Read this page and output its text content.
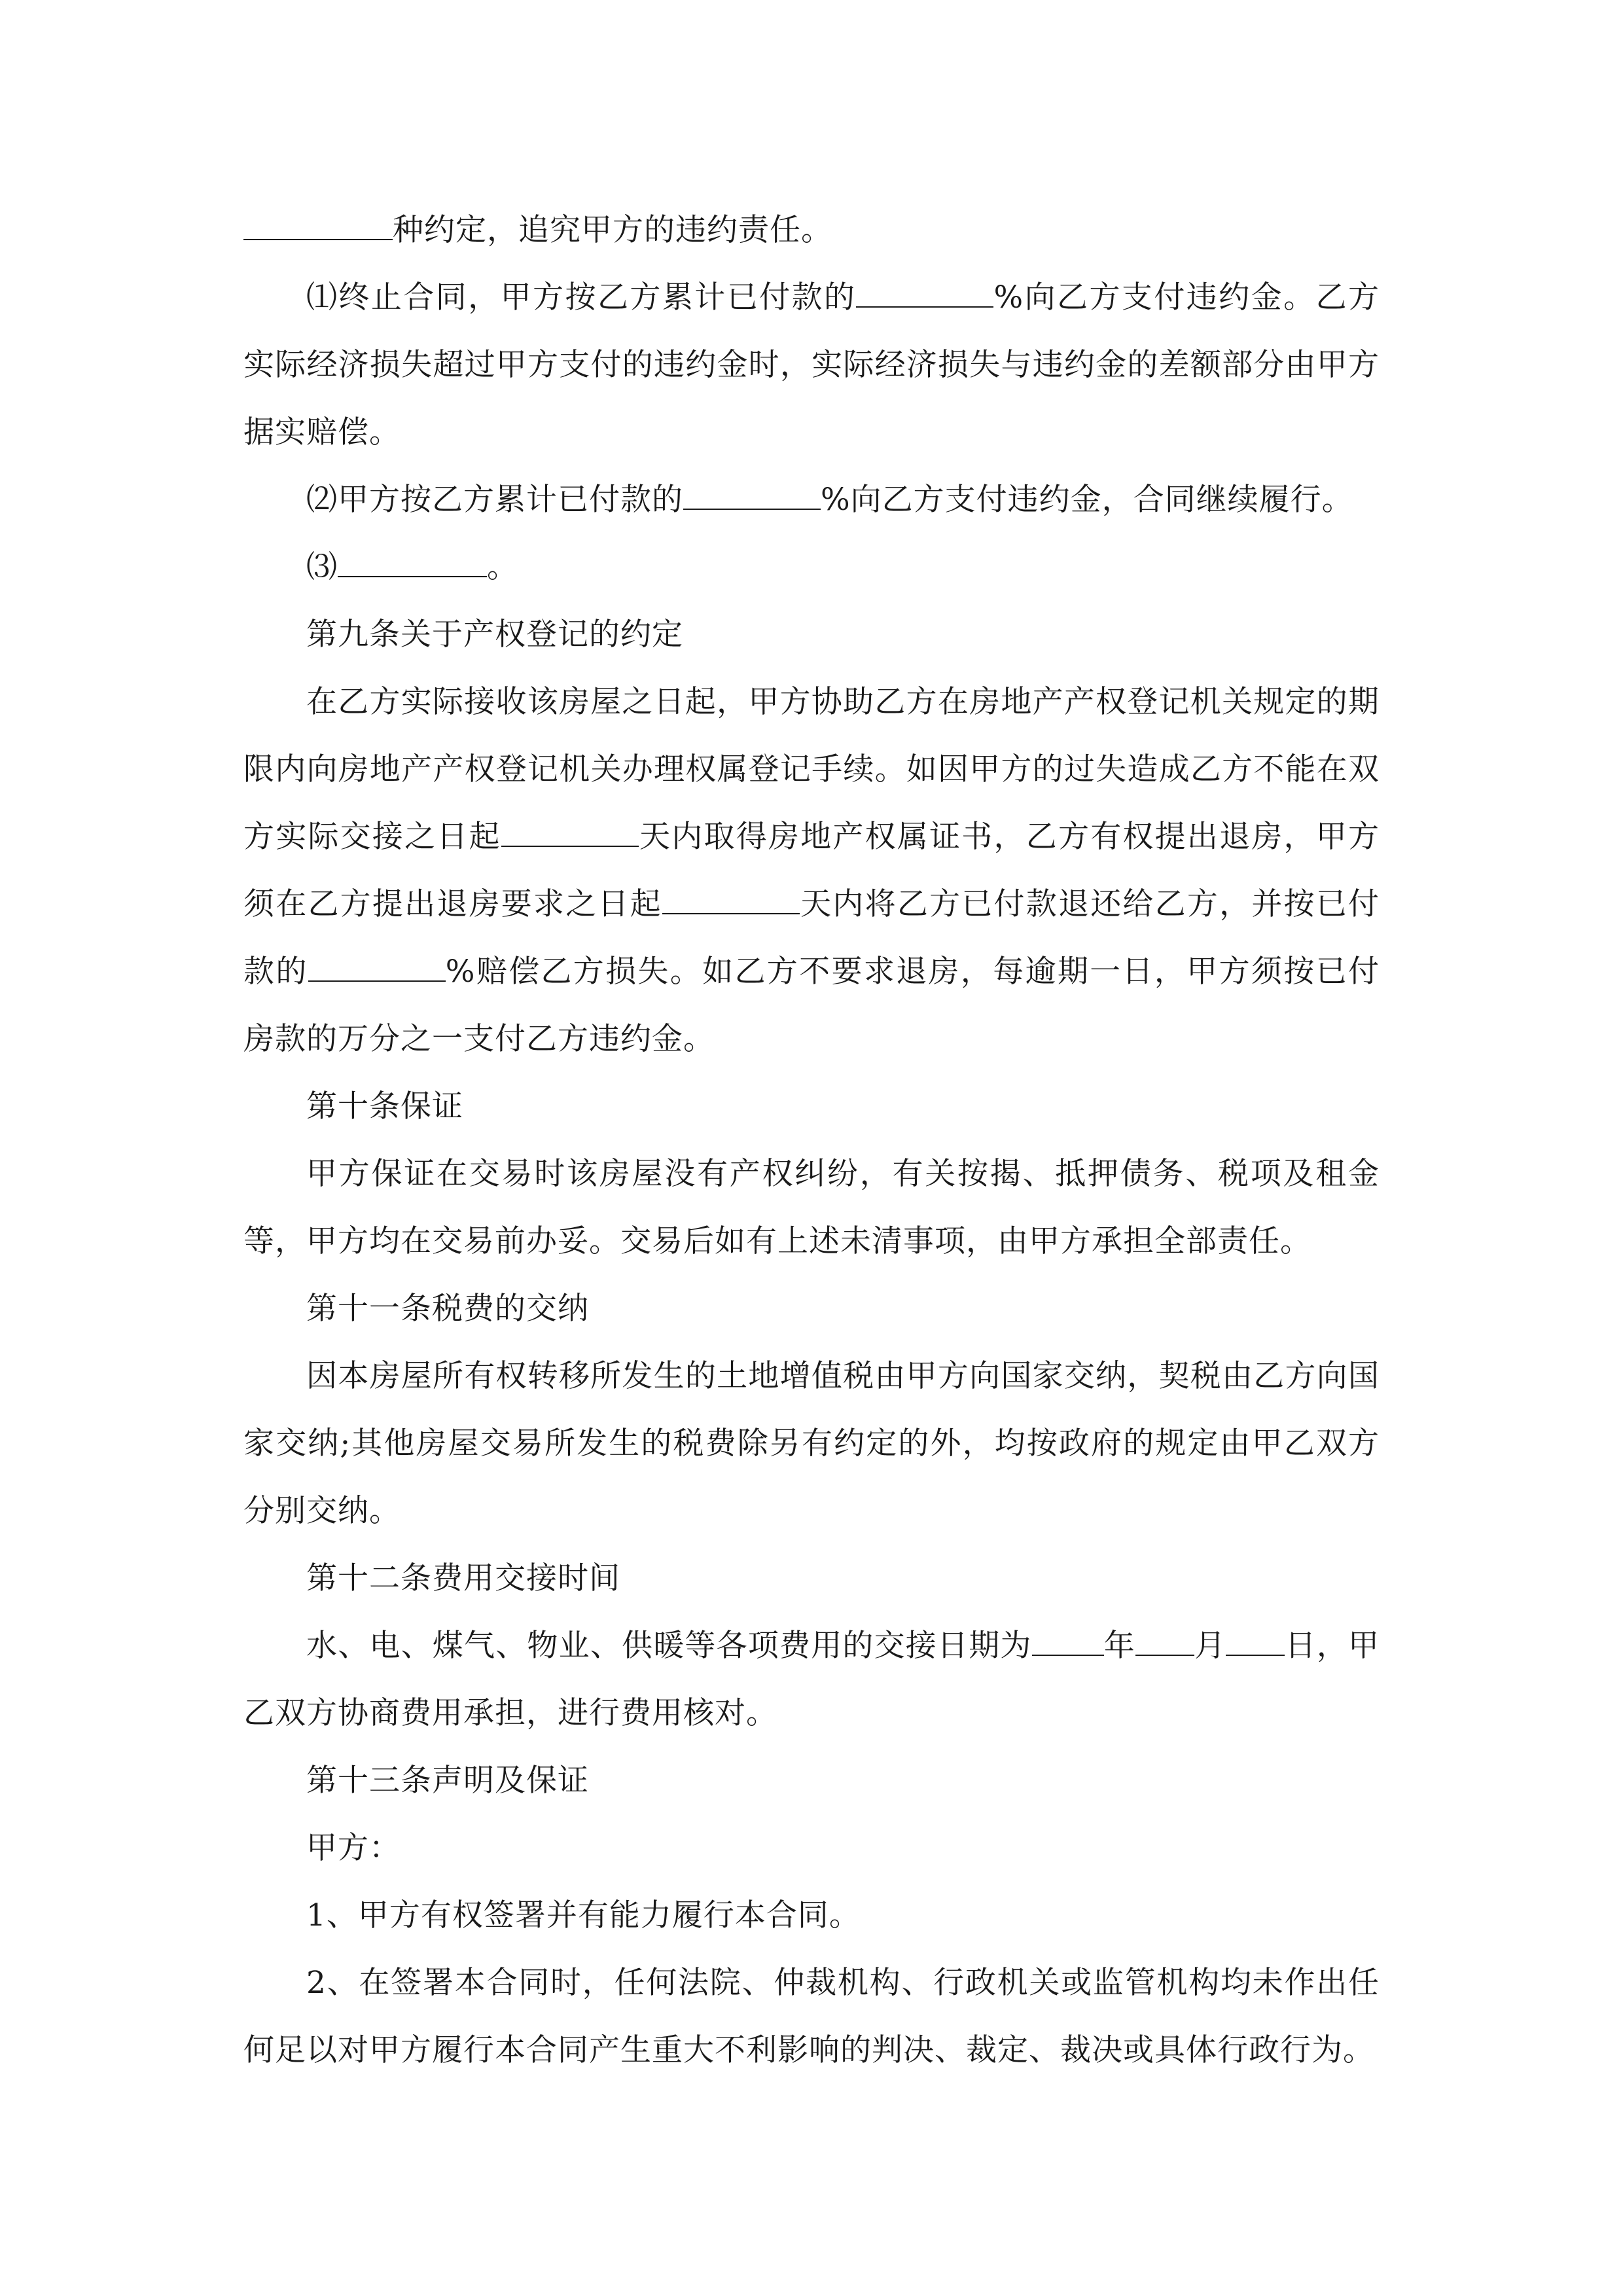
种约定，追究甲方的违约责任。

⑴终止合同，甲方按乙方累计已付款的	%向乙方支付违约金。乙方实际经济损失超过甲方支付的违约金时，实际经济损失与违约金的差额部分由甲方据实赔偿。

⑵甲方按乙方累计已付款的	%向乙方支付违约金，合同继续履行。

⑶	。

第九条关于产权登记的约定

在乙方实际接收该房屋之日起，甲方协助乙方在房地产产权登记机关规定的期限内向房地产产权登记机关办理权属登记手续。如因甲方的过失造成乙方不能在双方实际交接之日起	天内取得房地产权属证书，乙方有权提出退房，甲方须在乙方提出退房要求之日起	天内将乙方已付款退还给乙方，并按已付款的	%赔偿乙方损失。如乙方不要求退房，每逾期一日，甲方须按已付房款的万分之一支付乙方违约金。

第十条保证

甲方保证在交易时该房屋没有产权纠纷，有关按揭、抵押债务、税项及租金等，甲方均在交易前办妥。交易后如有上述未清事项，由甲方承担全部责任。

第十一条税费的交纳

因本房屋所有权转移所发生的土地增值税由甲方向国家交纳，契税由乙方向国家交纳;其他房屋交易所发生的税费除另有约定的外，均按政府的规定由甲乙双方分别交纳。

第十二条费用交接时间

水、电、煤气、物业、供暖等各项费用的交接日期为 年 月 日，甲乙双方协商费用承担，进行费用核对。

第十三条声明及保证

甲方：

1、甲方有权签署并有能力履行本合同。

2、在签署本合同时，任何法院、仲裁机构、行政机关或监管机构均未作出任何足以对甲方履行本合同产生重大不利影响的判决、裁定、裁决或具体行政行为。
